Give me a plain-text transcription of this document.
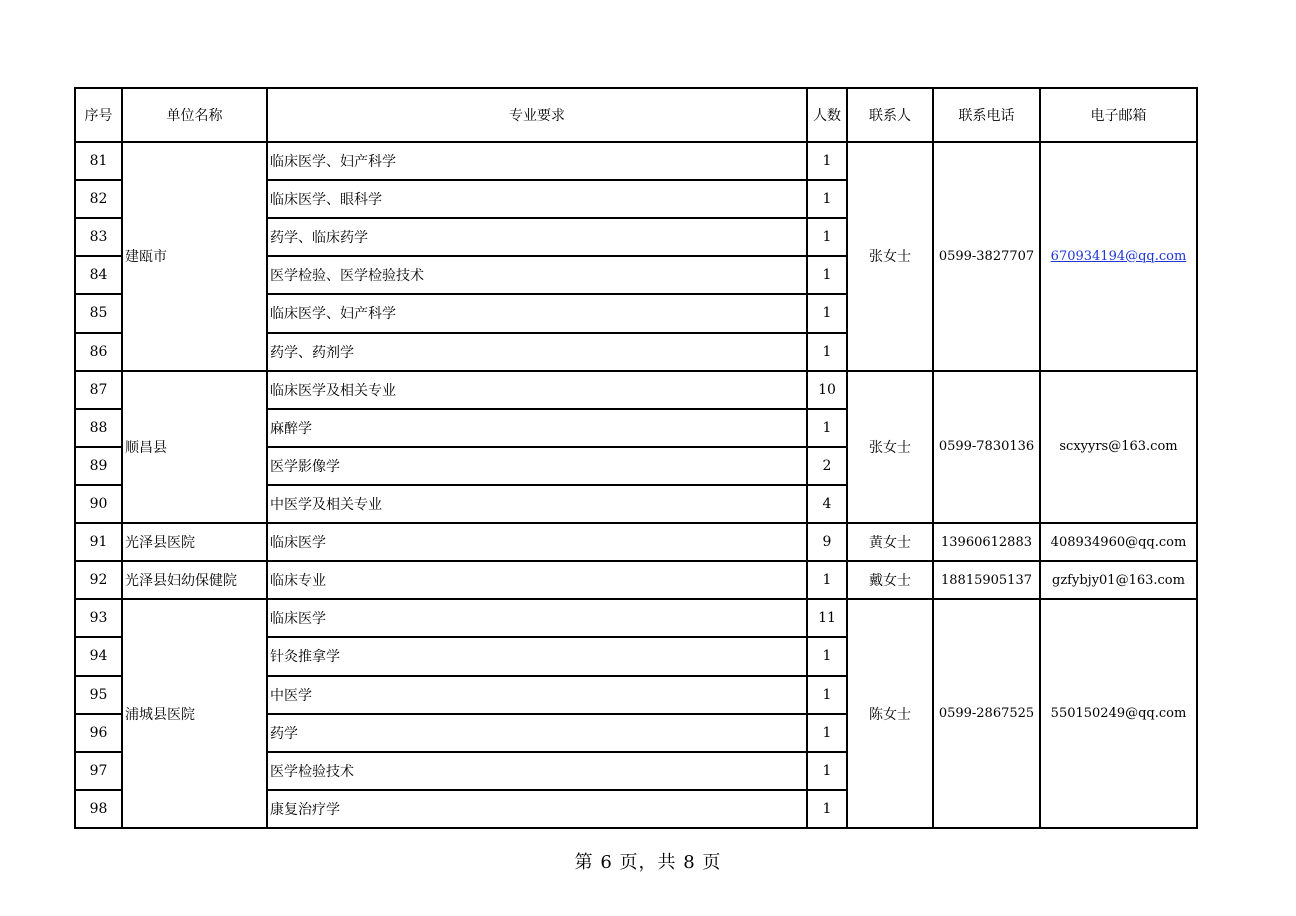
序号	单位名称	专业要求	人数	联系人	联系电话	电子邮箱
81	建瓯市	临床医学、妇产科学	1	张女士	0599-3827707	670934194@qq.com
82		临床医学、眼科学	1			
83		药学、临床药学	1			
84		医学检验、医学检验技术	1			
85		临床医学、妇产科学	1			
86		药学、药剂学	1			
87	顺昌县	临床医学及相关专业	10	张女士	0599-7830136	scxyyrs@163.com
88		麻醉学	1			
89		医学影像学	2			
90		中医学及相关专业	4			
91	光泽县医院	临床医学	9	黄女士	13960612883	408934960@qq.com
92	光泽县妇幼保健院	临床专业	1	戴女士	18815905137	gzfybjy01@163.com
93	浦城县医院	临床医学	11	陈女士	0599-2867525	550150249@qq.com
94		针灸推拿学	1			
95		中医学	1			
96		药学	1			
97		医学检验技术	1			
98		康复治疗学	1			
第 6 页，共 8 页
